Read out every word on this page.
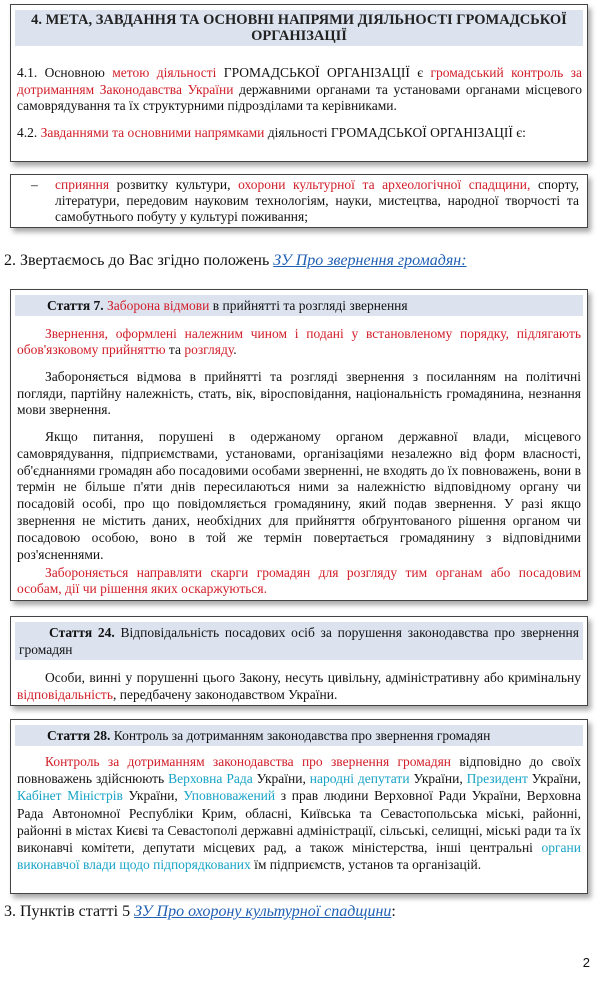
4. МЕТА, ЗАВДАННЯ ТА ОСНОВНІ НАПРЯМИ ДІЯЛЬНОСТІ ГРОМАДСЬКОЇ ОРГАНІЗАЦІЇ

4.1. Основною метою діяльності ГРОМАДСЬКОЇ ОРГАНІЗАЦІЇ є громадський контроль за дотриманням Законодавства України державними органами та установами органами місцевого самоврядування та їх структурними підрозділами та керівниками.

4.2. Завданнями та основними напрямками діяльності ГРОМАДСЬКОЇ ОРГАНІЗАЦІЇ є:

– сприяння розвитку культури, охорони культурної та археологічної спадщини, спорту, літератури, передовим науковим технологіям, науки, мистецтва, народної творчості та самобутнього побуту у культурі поживання;

2. Звертаємось до Вас згідно положень ЗУ Про звернення громадян:
Стаття 7. Заборона відмови в прийнятті та розгляді звернення

Звернення, оформлені належним чином і подані у встановленому порядку, підлягають обов'язковому прийняттю та розгляду.

Забороняється відмова в прийнятті та розгляді звернення з посиланням на політичні погляди, партійну належність, стать, вік, віросповідання, національність громадянина, незнання мови звернення.

Якщо питання, порушені в одержаному органом державної влади, місцевого самоврядування, підприємствами, установами, організаціями незалежно від форм власності, об'єднаннями громадян або посадовими особами зверненні, не входять до їх повноважень, вони в термін не більше п'яти днів пересилаються ними за належністю відповідному органу чи посадовій особі, про що повідомляється громадянину, який подав звернення. У разі якщо звернення не містить даних, необхідних для прийняття обґрунтованого рішення органом чи посадовою особою, воно в той же термін повертається громадянину з відповідними роз'ясненнями.

Забороняється направляти скарги громадян для розгляду тим органам або посадовим особам, дії чи рішення яких оскаржуються.

Стаття 24. Відповідальність посадових осіб за порушення законодавства про звернення громадян

Особи, винні у порушенні цього Закону, несуть цивільну, адміністративну або кримінальну відповідальність, передбачену законодавством України.

Стаття 28. Контроль за дотриманням законодавства про звернення громадян

Контроль за дотриманням законодавства про звернення громадян відповідно до своїх повноважень здійснюють Верховна Рада України, народні депутати України, Президент України, Кабінет Міністрів України, Уповноважений з прав людини Верховної Ради України, Верховна Рада Автономної Республіки Крим, обласні, Київська та Севастопольська міські, районні, районні в містах Києві та Севастополі державні адміністрації, сільські, селищні, міські ради та їх виконавчі комітети, депутати місцевих рад, а також міністерства, інші центральні органи виконавчої влади щодо підпорядкованих їм підприємств, установ та організацій.

3. Пунктів статті 5 ЗУ Про охорону культурної спадщини:
2
